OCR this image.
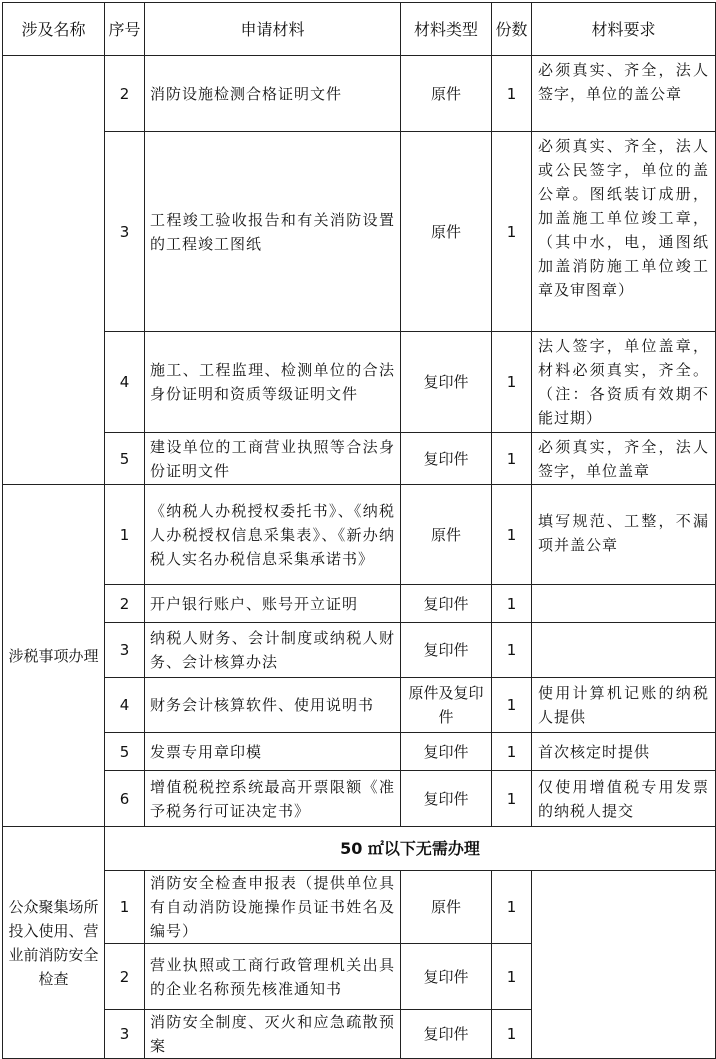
涉及名称	序号	申请材料	材料类型	份数	材料要求
	2	消防设施检测合格证明文件	原件	1	必须真实、齐全，法人签字，单位的盖公章
	3	工程竣工验收报告和有关消防设置的工程竣工图纸	原件	1	必须真实、齐全，法人或公民签字，单位的盖公章。图纸装订成册，加盖施工单位竣工章，（其中水，电，通图纸加盖消防施工单位竣工章及审图章）
	4	施工、工程监理、检测单位的合法身份证明和资质等级证明文件	复印件	1	法人签字，单位盖章，材料必须真实，齐全。（注：各资质有效期不能过期）
	5	建设单位的工商营业执照等合法身份证明文件	复印件	1	必须真实，齐全，法人签字，单位盖章
涉税事项办理	1	《纳税人办税授权委托书》、《纳税人办税授权信息采集表》、《新办纳税人实名办税信息采集承诺书》	原件	1	填写规范、工整，不漏项并盖公章
	2	开户银行账户、账号开立证明	复印件	1	
	3	纳税人财务、会计制度或纳税人财务、会计核算办法	复印件	1	
	4	财务会计核算软件、使用说明书	原件及复印件	1	使用计算机记账的纳税人提供
	5	发票专用章印模	复印件	1	首次核定时提供
	6	增值税税控系统最高开票限额《准予税务行可证决定书》	复印件	1	仅使用增值税专用发票的纳税人提交
公众聚集场所投入使用、营业前消防安全检查	50 ㎡以下无需办理				
	1	消防安全检查申报表（提供单位具有自动消防设施操作员证书姓名及编号）	原件	1	
	2	营业执照或工商行政管理机关出具的企业名称预先核准通知书	复印件	1	
	3	消防安全制度、灭火和应急疏散预案	复印件	1	
